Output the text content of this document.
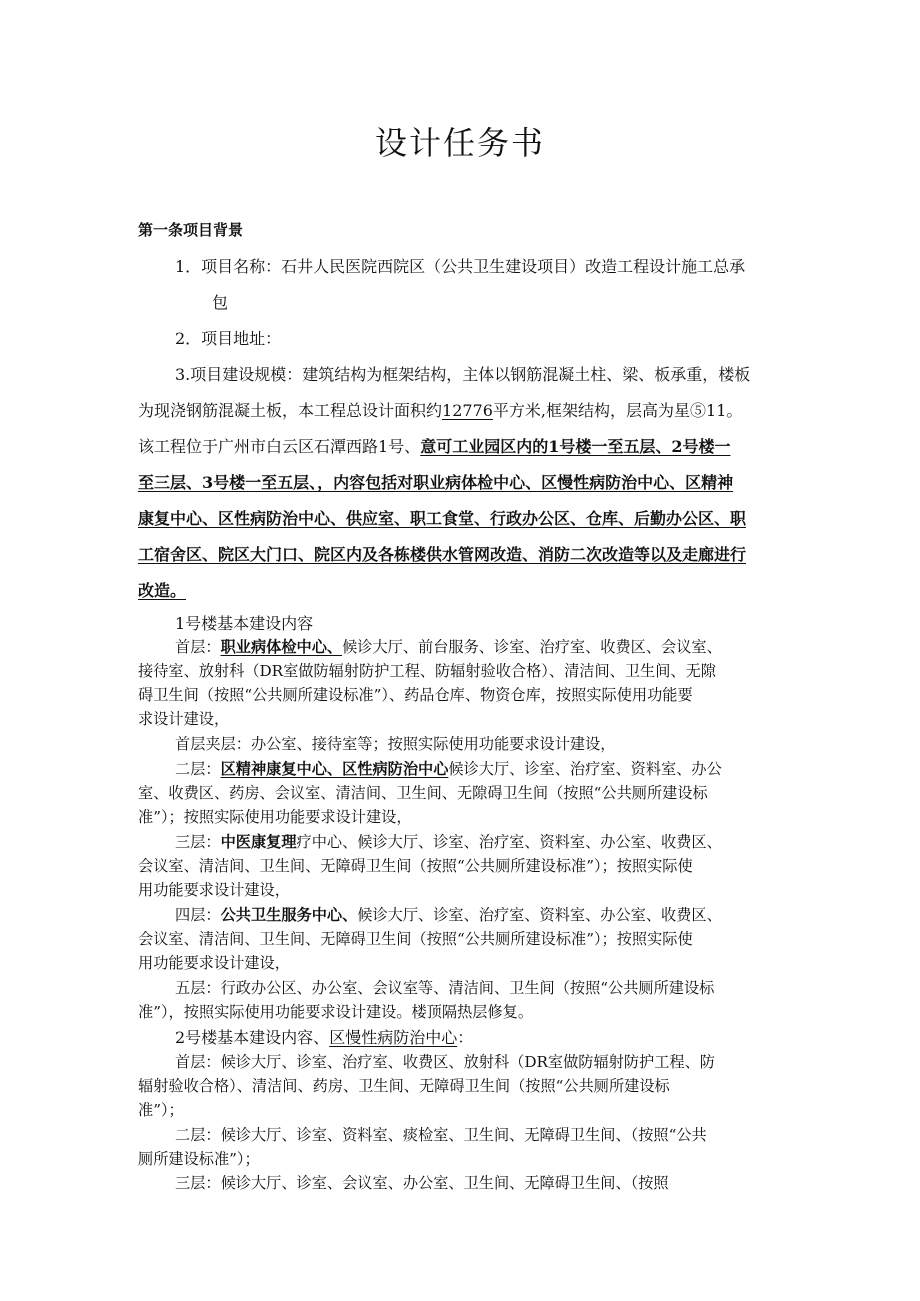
设计任务书
第一条项目背景
1．项目名称：石井人民医院西院区（公共卫生建设项目）改造工程设计施工总承
包
2．项目地址：
3.项目建设规模：建筑结构为框架结构，主体以钢筋混凝土柱、梁、板承重，楼板
为现浇钢筋混凝土板，本工程总设计面积约12776平方米,框架结构，层高为星⑤11。
该工程位于广州市白云区石潭西路1号、意可工业园区内的1号楼一至五层、2号楼一
至三层、3号楼一至五层、，内容包括对职业病体检中心、区慢性病防治中心、区精神
康复中心、区性病防治中心、供应室、职工食堂、行政办公区、仓库、后勤办公区、职
工宿舍区、院区大门口、院区内及各栋楼供水管网改造、消防二次改造等以及走廊进行
改造。
1号楼基本建设内容
首层：职业病体检中心、候诊大厅、前台服务、诊室、治疗室、收费区、会议室、
接待室、放射科（DR室做防辐射防护工程、防辐射验收合格）、清洁间、卫生间、无隙
碍卫生间（按照“公共厕所建设标准”）、药品仓库、物资仓库，按照实际使用功能要
求设计建设，
首层夹层：办公室、接待室等；按照实际使用功能要求设计建设，
二层：区精神康复中心、区性病防治中心候诊大厅、诊室、治疗室、资料室、办公
室、收费区、药房、会议室、清洁间、卫生间、无隙碍卫生间（按照“公共厕所建设标
准”）；按照实际使用功能要求设计建设，
三层：中医康复理疗中心、候诊大厅、诊室、治疗室、资料室、办公室、收费区、
会议室、清洁间、卫生间、无障碍卫生间（按照“公共厕所建设标准”）；按照实际使
用功能要求设计建设，
四层：公共卫生服务中心、候诊大厅、诊室、治疗室、资料室、办公室、收费区、
会议室、清洁间、卫生间、无障碍卫生间（按照“公共厕所建设标准”）；按照实际使
用功能要求设计建设，
五层：行政办公区、办公室、会议室等、清洁间、卫生间（按照“公共厕所建设标
准”），按照实际使用功能要求设计建设。楼顶隔热层修复。
2号楼基本建设内容、区慢性病防治中心：
首层：候诊大厅、诊室、治疗室、收费区、放射科（DR室做防辐射防护工程、防
辐射验收合格）、清洁间、药房、卫生间、无障碍卫生间（按照“公共厕所建设标
准”）；
二层：候诊大厅、诊室、资料室、痰检室、卫生间、无障碍卫生间、（按照“公共
厕所建设标准”）；
三层：候诊大厅、诊室、会议室、办公室、卫生间、无障碍卫生间、（按照
